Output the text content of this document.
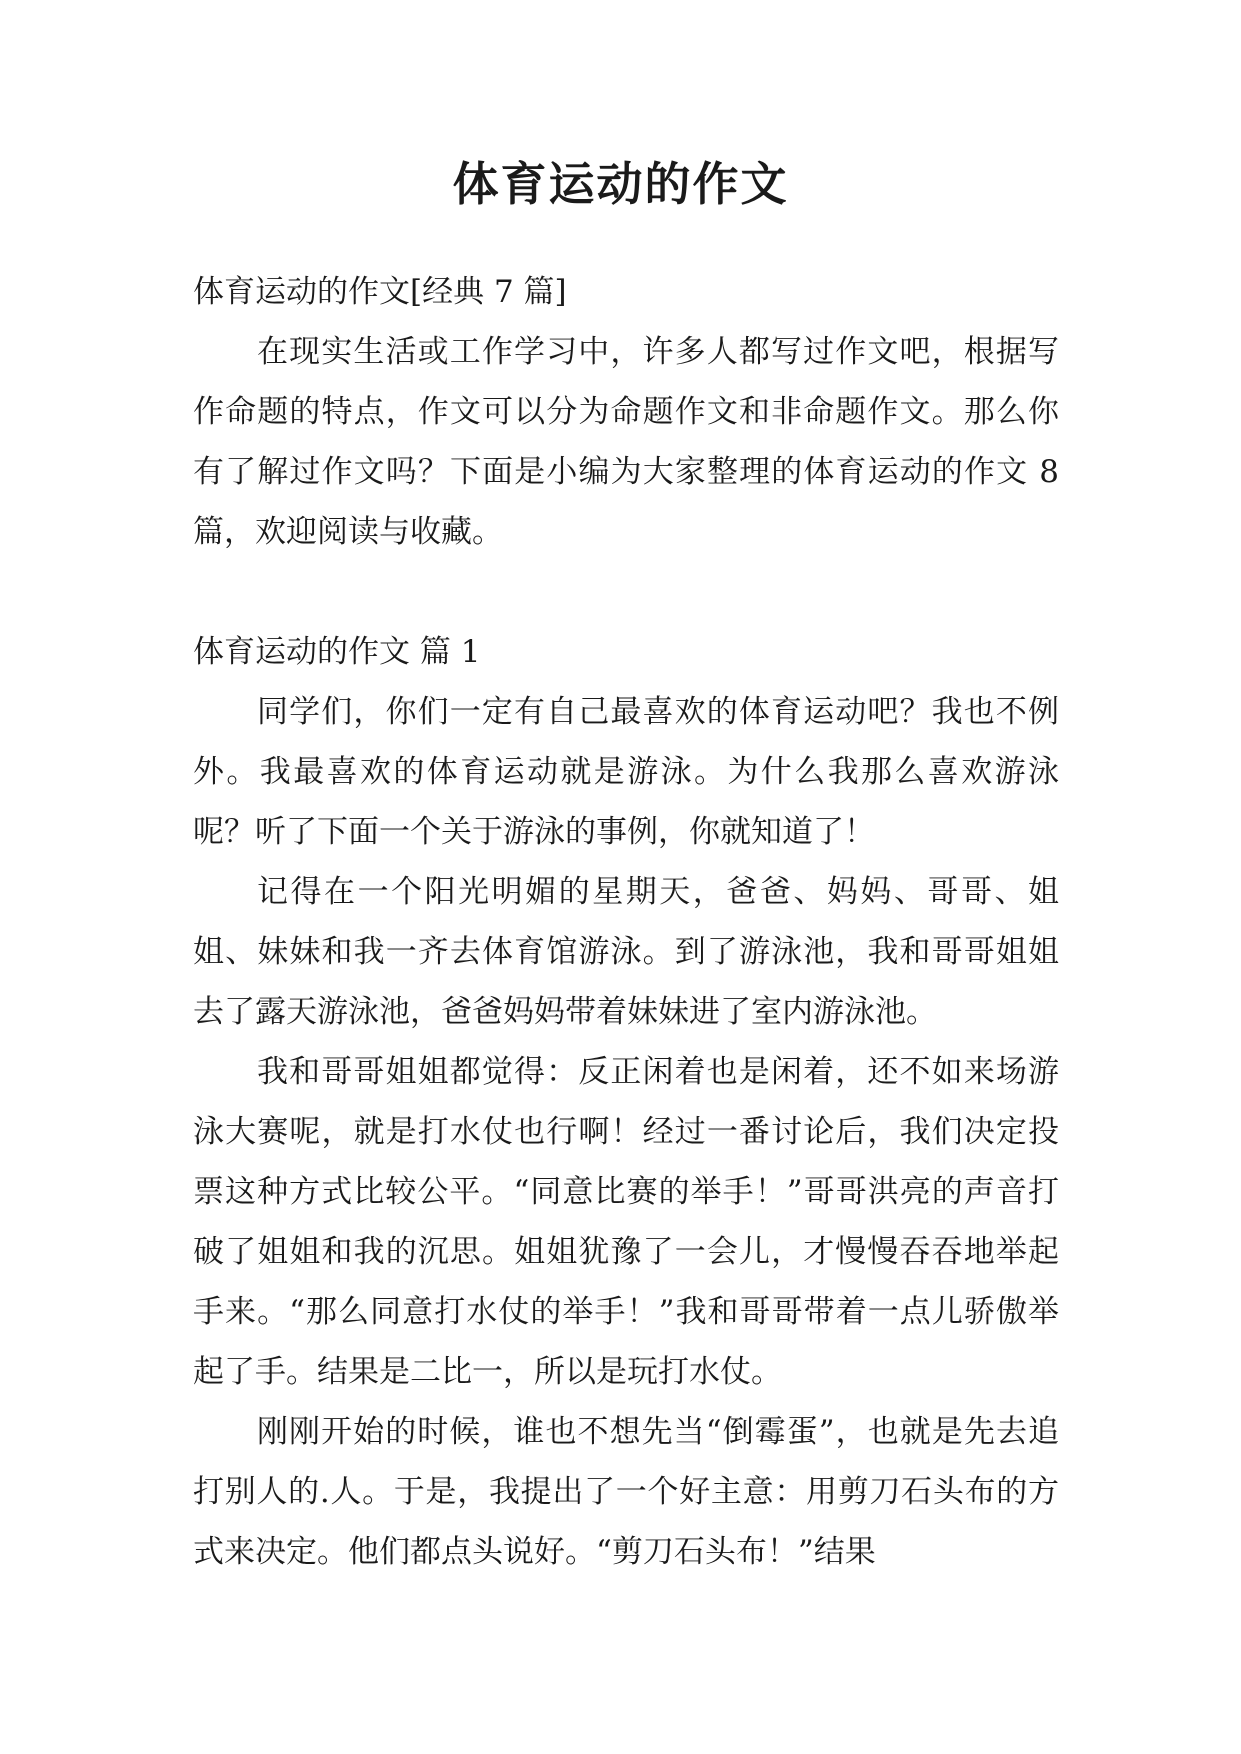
体育运动的作文

体育运动的作文[经典 7 篇]

在现实生活或工作学习中，许多人都写过作文吧，根据写作命题的特点，作文可以分为命题作文和非命题作文。那么你有了解过作文吗？下面是小编为大家整理的体育运动的作文 8 篇，欢迎阅读与收藏。

体育运动的作文 篇 1

同学们，你们一定有自己最喜欢的体育运动吧？我也不例外。我最喜欢的体育运动就是游泳。为什么我那么喜欢游泳呢？听了下面一个关于游泳的事例，你就知道了！

记得在一个阳光明媚的星期天，爸爸、妈妈、哥哥、姐姐、妹妹和我一齐去体育馆游泳。到了游泳池，我和哥哥姐姐去了露天游泳池，爸爸妈妈带着妹妹进了室内游泳池。

我和哥哥姐姐都觉得：反正闲着也是闲着，还不如来场游泳大赛呢，就是打水仗也行啊！经过一番讨论后，我们决定投票这种方式比较公平。“同意比赛的举手！”哥哥洪亮的声音打破了姐姐和我的沉思。姐姐犹豫了一会儿，才慢慢吞吞地举起手来。“那么同意打水仗的举手！”我和哥哥带着一点儿骄傲举起了手。结果是二比一，所以是玩打水仗。

刚刚开始的时候，谁也不想先当“倒霉蛋”，也就是先去追打别人的.人。于是，我提出了一个好主意：用剪刀石头布的方式来决定。他们都点头说好。“剪刀石头布！”结果
